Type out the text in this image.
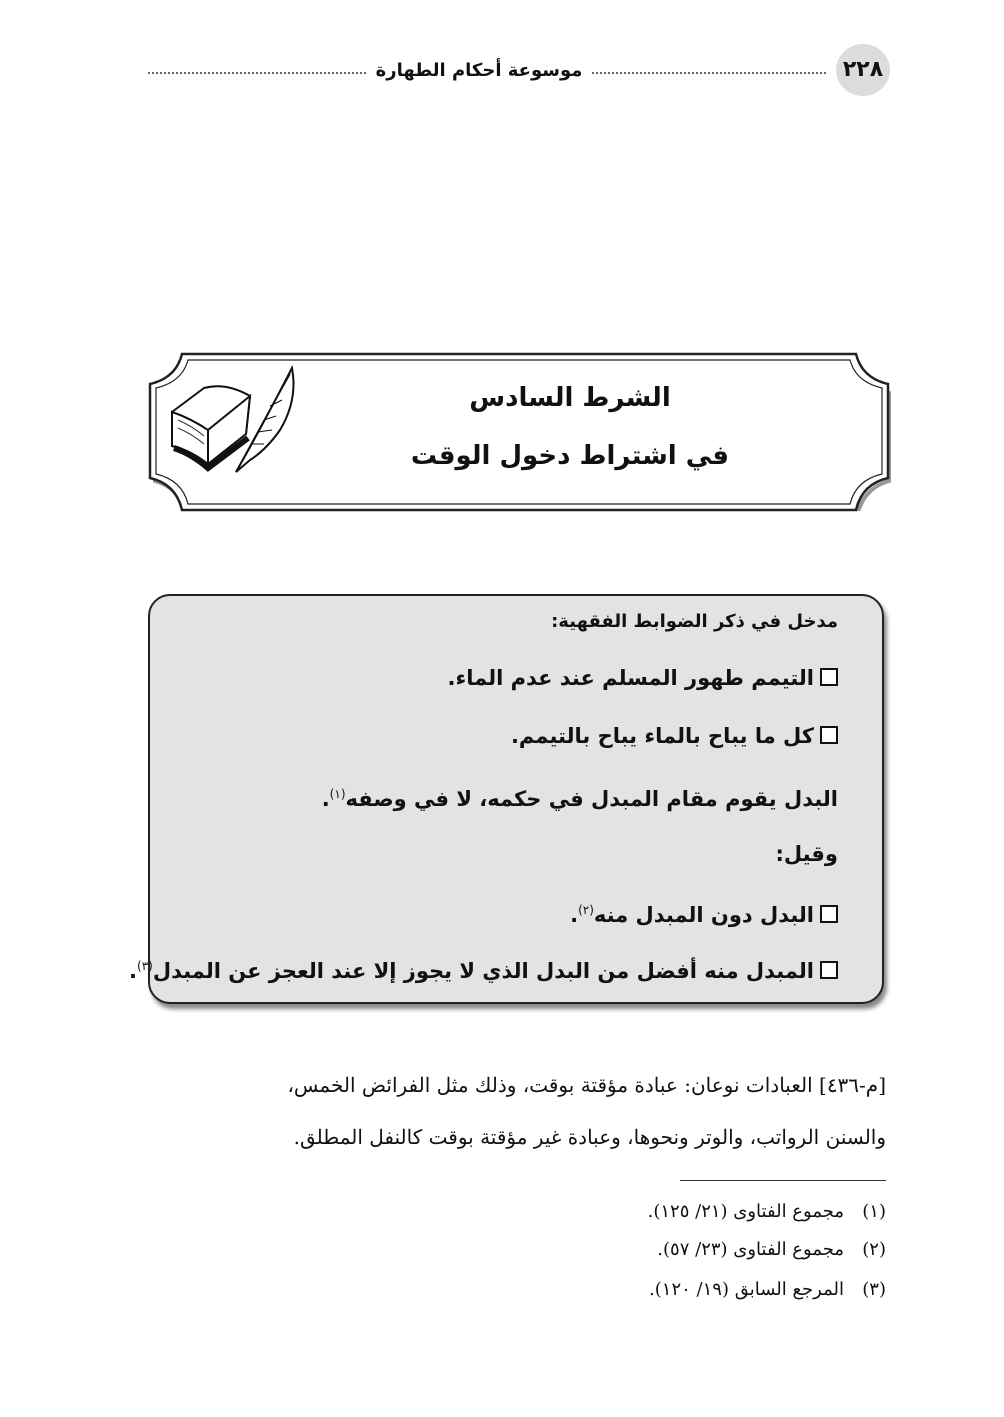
موسوعة أحكام الطهارة	٢٢٨
الشرط السادس
في اشتراط دخول الوقت
مدخل في ذكر الضوابط الفقهية:
التيمم طهور المسلم عند عدم الماء.
كل ما يباح بالماء يباح بالتيمم.
البدل يقوم مقام المبدل في حكمه، لا في وصفه$^{(١)}$.
وقيل:
البدل دون المبدل منه$^{(٢)}$.
المبدل منه أفضل من البدل الذي لا يجوز إلا عند العجز عن المبدل$^{(٣)}$.
[م-٤٣٦] العبادات نوعان: عبادة مؤقتة بوقت، وذلك مثل الفرائض الخمس،
والسنن الرواتب، والوتر ونحوها، وعبادة غير مؤقتة بوقت كالنفل المطلق.
(١)مجموع الفتاوى (٢١/ ١٢٥).
(٢)مجموع الفتاوى (٢٣/ ٥٧).
(٣)المرجع السابق (١٩/ ١٢٠).
